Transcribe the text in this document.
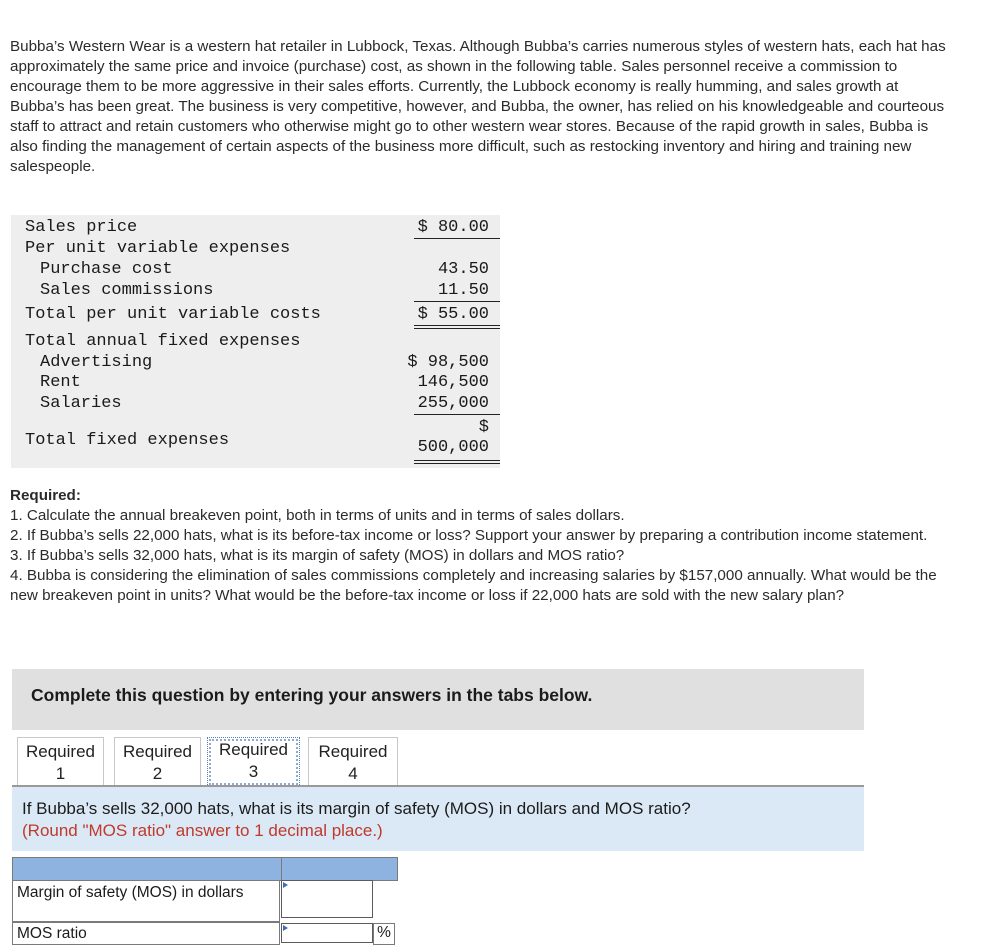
Bubba’s Western Wear is a western hat retailer in Lubbock, Texas. Although Bubba’s carries numerous styles of western hats, each hat has approximately the same price and invoice (purchase) cost, as shown in the following table. Sales personnel receive a commission to encourage them to be more aggressive in their sales efforts. Currently, the Lubbock economy is really humming, and sales growth at Bubba’s has been great. The business is very competitive, however, and Bubba, the owner, has relied on his knowledgeable and courteous staff to attract and retain customers who otherwise might go to other western wear stores. Because of the rapid growth in sales, Bubba is also finding the management of certain aspects of the business more difficult, such as restocking inventory and hiring and training new salespeople.

Sales price	$ 80.00
Per unit variable expenses
Purchase cost	43.50
Sales commissions	11.50
Total per unit variable costs	$ 55.00
Total annual fixed expenses
Advertising	$ 98,500
Rent	146,500
Salaries	255,000
$
Total fixed expenses	500,000

Required:

1. Calculate the annual breakeven point, both in terms of units and in terms of sales dollars.

2. If Bubba’s sells 22,000 hats, what is its before-tax income or loss? Support your answer by preparing a contribution income statement.

3. If Bubba’s sells 32,000 hats, what is its margin of safety (MOS) in dollars and MOS ratio?

4. Bubba is considering the elimination of sales commissions completely and increasing salaries by $157,000 annually. What would be the new breakeven point in units? What would be the before-tax income or loss if 22,000 hats are sold with the new salary plan?

Complete this question by entering your answers in the tabs below.
Required
1
Required
2
Required
3
Required
4
If Bubba’s sells 32,000 hats, what is its margin of safety (MOS) in dollars and MOS ratio?
(Round "MOS ratio" answer to 1 decimal place.)
Margin of safety (MOS) in dollars
MOS ratio	%
